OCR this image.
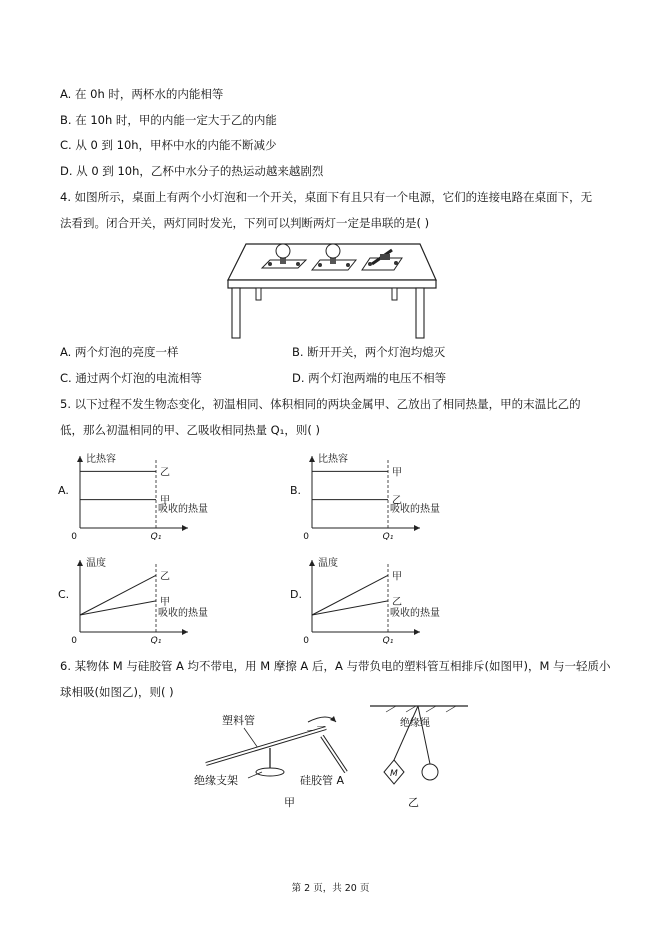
A. 在 0h 时，两杯水的内能相等
B. 在 10h 时，甲的内能一定大于乙的内能
C. 从 0 到 10h，甲杯中水的内能不断减少
D. 从 0 到 10h，乙杯中水分子的热运动越来越剧烈
4. 如图所示，桌面上有两个小灯泡和一个开关，桌面下有且只有一个电源，它们的连接电路在桌面下，无
法看到。闭合开关，两灯同时发光，下列可以判断两灯一定是串联的是( )
A. 两个灯泡的亮度一样	B. 断开开关，两个灯泡均熄灭
C. 通过两个灯泡的电流相等	D. 两个灯泡两端的电压不相等
5. 以下过程不发生物态变化，初温相同、体积相同的两块金属甲、乙放出了相同热量，甲的末温比乙的
低，那么初温相同的甲、乙吸收相同热量 Q₁，则( )
A.
比热容
吸收的热量
0	Q₁
乙
甲
B.
比热容
吸收的热量
0	Q₁
甲
乙
C.
温度
吸收的热量
0	Q₁
乙
甲
D.
温度
吸收的热量
0	Q₁
甲
乙
6. 某物体 M 与硅胶管 A 均不带电，用 M 摩擦 A 后，A 与带负电的塑料管互相排斥(如图甲)，M 与一轻质小
球相吸(如图乙)，则( )
塑料管
－ －
绝缘支架	硅胶管 A
甲
绝缘绳
M
乙
第 2 页，共 20 页
